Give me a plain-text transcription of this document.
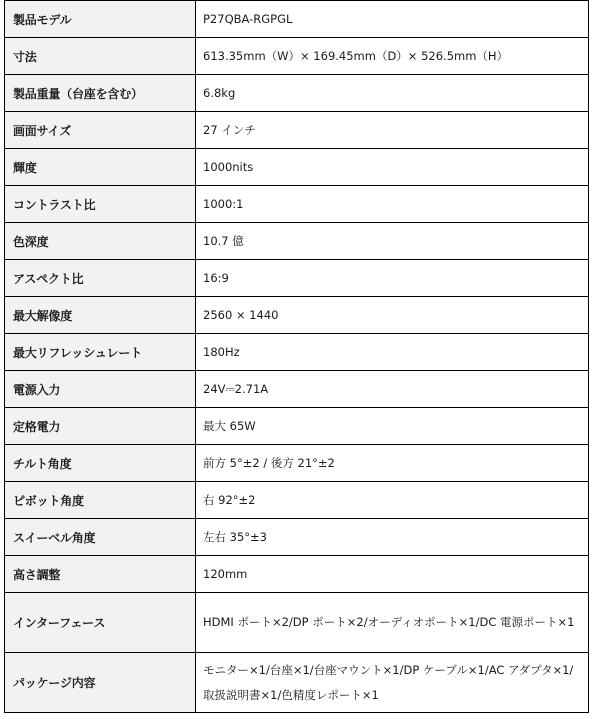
製品モデル	P27QBA-RGPGL
寸法	613.35mm（W）× 169.45mm（D）× 526.5mm（H）
製品重量（台座を含む）	6.8kg
画面サイズ	27 インチ
輝度	1000nits
コントラスト比	1000:1
色深度	10.7 億
アスペクト比	16:9
最大解像度	2560 × 1440
最大リフレッシュレート	180Hz
電源入力	24V⎓2.71A
定格電力	最大 65W
チルト角度	前方 5°±2 / 後方 21°±2
ピボット角度	右 92°±2
スイーベル角度	左右 35°±3
高さ調整	120mm
インターフェース	HDMI ポート×2/DP ポート×2/オーディオポート×1/DC 電源ポート×1
パッケージ内容	モニター×1/台座×1/台座マウント×1/DP ケーブル×1/AC アダプタ×1/取扱説明書×1/色精度レポート×1
